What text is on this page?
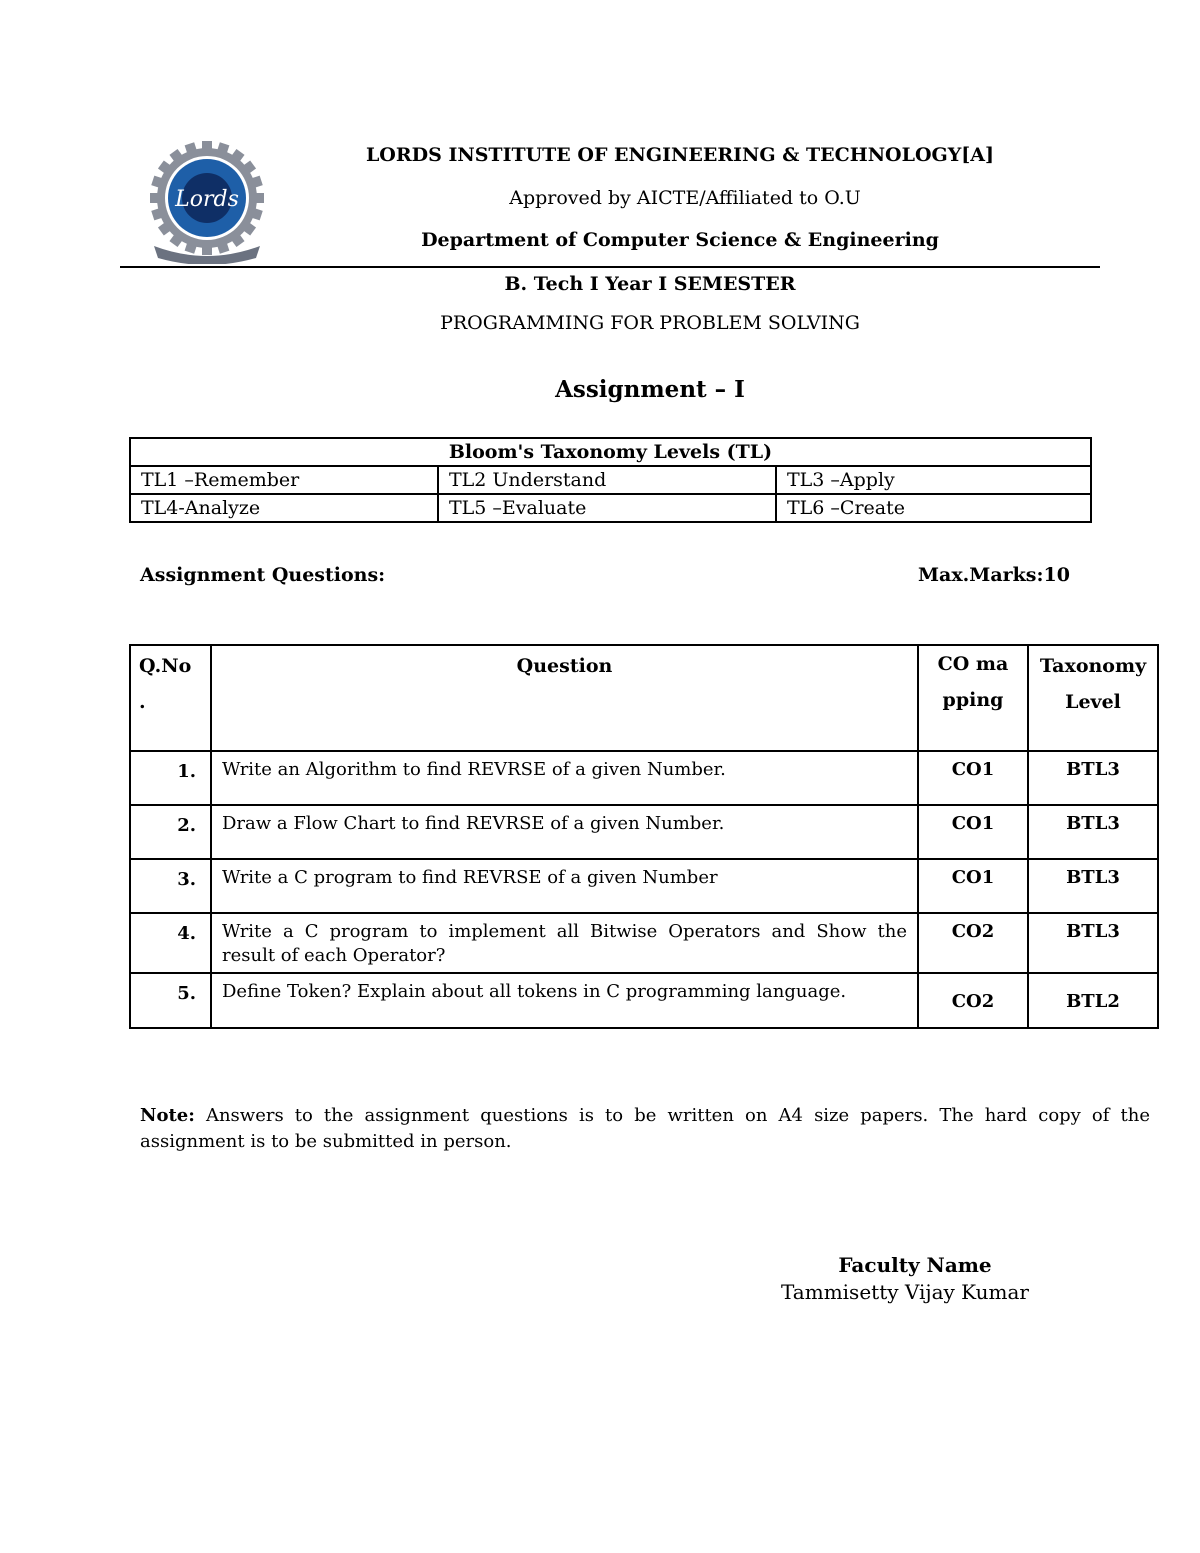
Lords
LORDS INSTITUTE OF ENGINEERING & TECHNOLOGY[A]
Approved by AICTE/Affiliated to O.U
Department of Computer Science & Engineering
B. Tech I Year I SEMESTER
PROGRAMMING FOR PROBLEM SOLVING
Assignment – I
Bloom's Taxonomy Levels (TL)		
TL1 –Remember	TL2 Understand	TL3 –Apply
TL4-Analyze	TL5 –Evaluate	TL6 –Create
Assignment Questions:	Max.Marks:10
Q.No .	Question	CO mapping	Taxonomy Level
1.	Write an Algorithm to find REVRSE of a given Number.	CO1	BTL3
2.	Draw a Flow Chart to find REVRSE of a given Number.	CO1	BTL3
3.	Write a C program to find REVRSE of a given Number	CO1	BTL3
4.	Write a C program to implement all Bitwise Operators and Show the result of each Operator?	CO2	BTL3
5.	Define Token? Explain about all tokens in C programming language.	CO2	BTL2
Note: Answers to the assignment questions is to be written on A4 size papers. The hard copy of the assignment is to be submitted in person.
Faculty Name
Tammisetty Vijay Kumar
